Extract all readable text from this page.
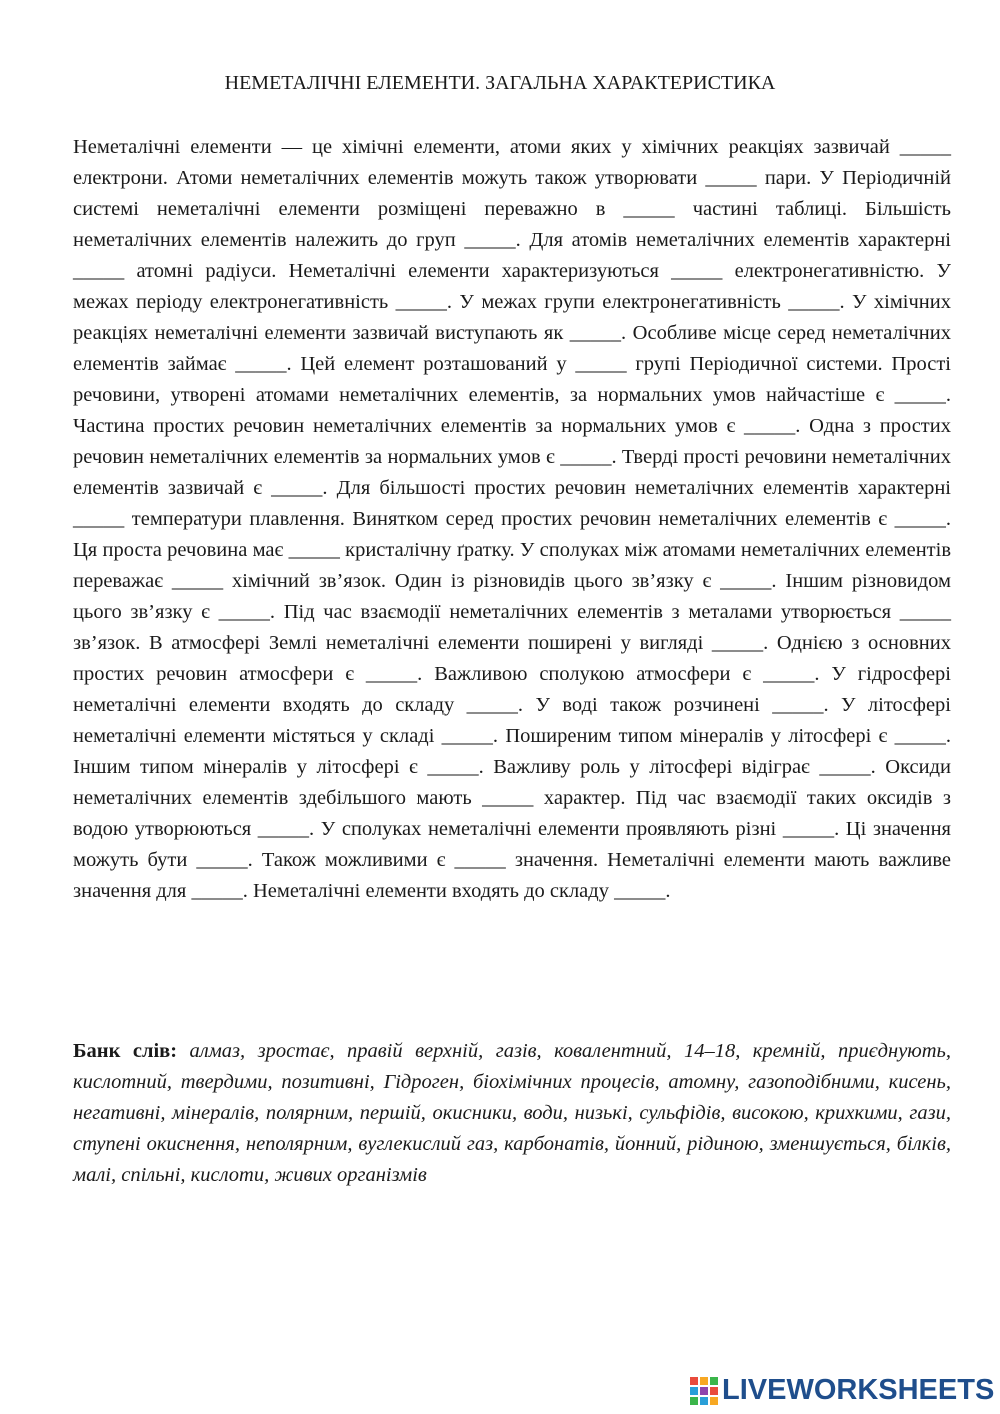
НЕМЕТАЛІЧНІ ЕЛЕМЕНТИ. ЗАГАЛЬНА ХАРАКТЕРИСТИКА

Неметалічні елементи — це хімічні елементи, атоми яких у хімічних реакціях зазвичай _____ електрони. Атоми неметалічних елементів можуть також утворювати _____ пари. У Періодичній системі неметалічні елементи розміщені переважно в _____ частині таблиці. Більшість неметалічних елементів належить до груп _____. Для атомів неметалічних елементів характерні _____ атомні радіуси. Неметалічні елементи характеризуються _____ електронегативністю. У межах періоду електронегативність _____. У межах групи електронегативність _____. У хімічних реакціях неметалічні елементи зазвичай виступають як _____. Особливе місце серед неметалічних елементів займає _____. Цей елемент розташований у _____ групі Періодичної системи. Прості речовини, утворені атомами неметалічних елементів, за нормальних умов найчастіше є _____. Частина простих речовин неметалічних елементів за нормальних умов є _____. Одна з простих речовин неметалічних елементів за нормальних умов є _____. Тверді прості речовини неметалічних елементів зазвичай є _____. Для більшості простих речовин неметалічних елементів характерні _____ температури плавлення. Винятком серед простих речовин неметалічних елементів є _____. Ця проста речовина має _____ кристалічну ґратку. У сполуках між атомами неметалічних елементів переважає _____ хімічний зв’язок. Один із різновидів цього зв’язку є _____. Іншим різновидом цього зв’язку є _____. Під час взаємодії неметалічних елементів з металами утворюється _____ зв’язок. В атмосфері Землі неметалічні елементи поширені у вигляді _____. Однією з основних простих речовин атмосфери є _____. Важливою сполукою атмосфери є _____. У гідросфері неметалічні елементи входять до складу _____. У воді також розчинені _____. У літосфері неметалічні елементи містяться у складі _____. Поширеним типом мінералів у літосфері є _____. Іншим типом мінералів у літосфері є _____. Важливу роль у літосфері відіграє _____. Оксиди неметалічних елементів здебільшого мають _____ характер. Під час взаємодії таких оксидів з водою утворюються _____. У сполуках неметалічні елементи проявляють різні _____. Ці значення можуть бути _____. Також можливими є _____ значення. Неметалічні елементи мають важливе значення для _____. Неметалічні елементи входять до складу _____.

Банк слів: алмаз, зростає, правій верхній, газів, ковалентний, 14–18, кремній, приєднують, кислотний, твердими, позитивні, Гідроген, біохімічних процесів, атомну, газоподібними, кисень, негативні, мінералів, полярним, першій, окисники, води, низькі, сульфідів, високою, крихкими, гази, ступені окиснення, неполярним, вуглекислий газ, карбонатів, йонний, рідиною, зменшується, білків, малі, спільні, кислоти, живих організмів

LIVEWORKSHEETS
